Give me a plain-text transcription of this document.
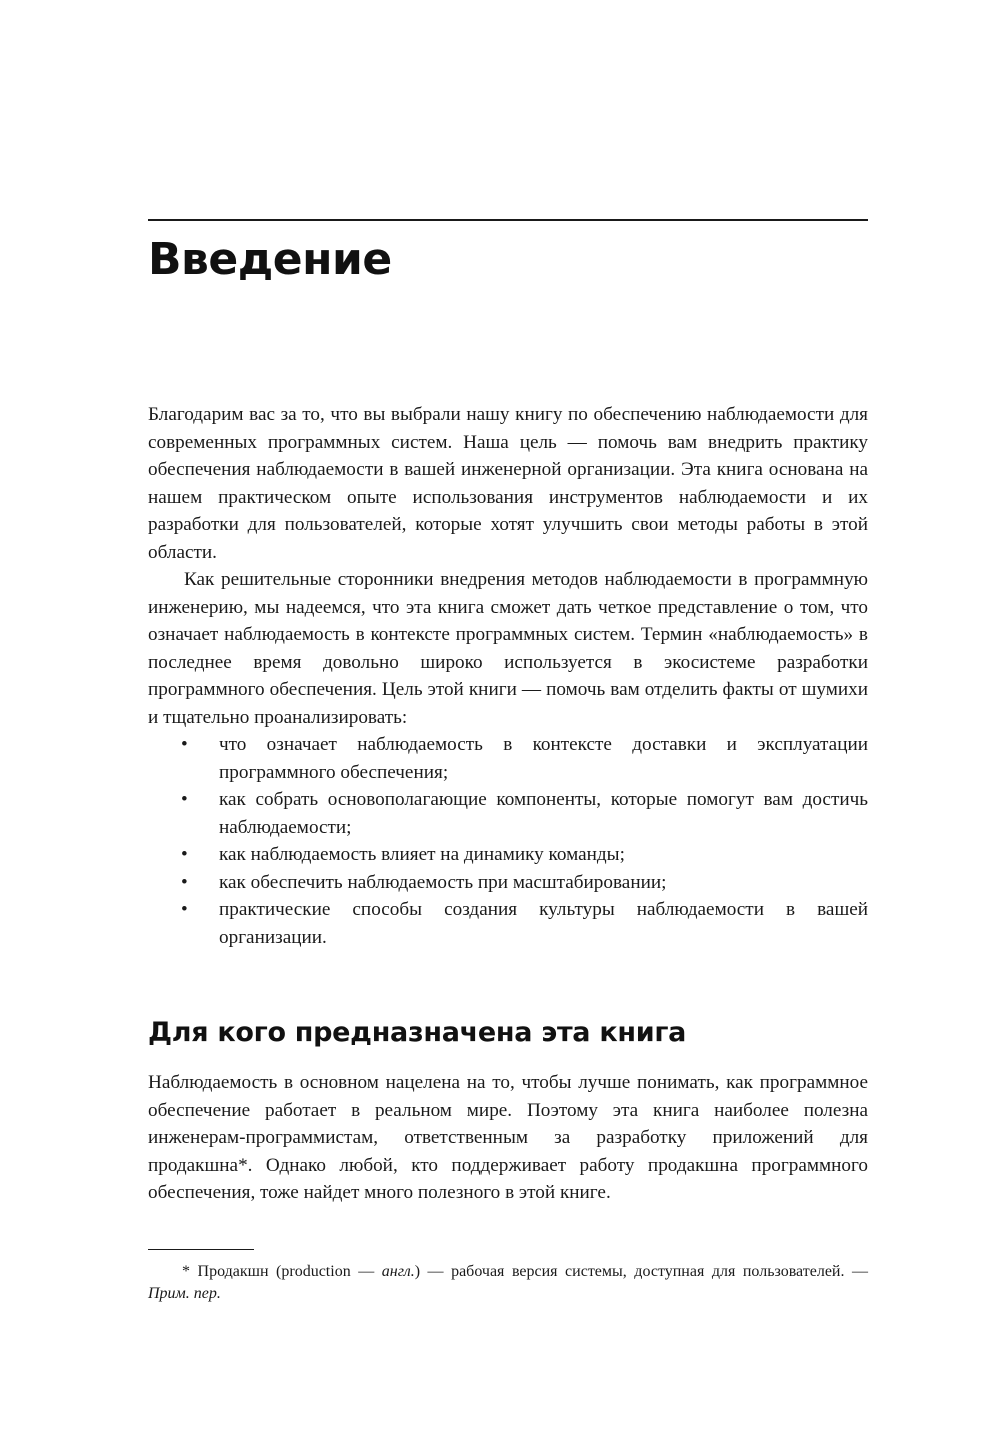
Введение

Благодарим вас за то, что вы выбрали нашу книгу по обеспечению наблюдаемости для современных программных систем. Наша цель — помочь вам внедрить практику обеспечения наблюдаемости в вашей инженерной организации. Эта книга основана на нашем практическом опыте использования инструментов наблюдаемости и их разработки для пользователей, которые хотят улучшить свои методы работы в этой области.

Как решительные сторонники внедрения методов наблюдаемости в программную инженерию, мы надеемся, что эта книга сможет дать четкое представление о том, что означает наблюдаемость в контексте программных систем. Термин «наблюдаемость» в последнее время довольно широко используется в экосистеме разработки программного обеспечения. Цель этой книги — помочь вам отделить факты от шумихи и тщательно проанализировать:

• что означает наблюдаемость в контексте доставки и эксплуатации программного обеспечения;
• как собрать основополагающие компоненты, которые помогут вам достичь наблюдаемости;
• как наблюдаемость влияет на динамику команды;
• как обеспечить наблюдаемость при масштабировании;
• практические способы создания культуры наблюдаемости в вашей организации.
Для кого предназначена эта книга

Наблюдаемость в основном нацелена на то, чтобы лучше понимать, как программное обеспечение работает в реальном мире. Поэтому эта книга наиболее полезна инженерам-программистам, ответственным за разработку приложений для продакшна*. Однако любой, кто поддерживает работу продакшна программного обеспечения, тоже найдет много полезного в этой книге.

* Продакшн (production — англ.) — рабочая версия системы, доступная для пользователей. — Прим. пер.
